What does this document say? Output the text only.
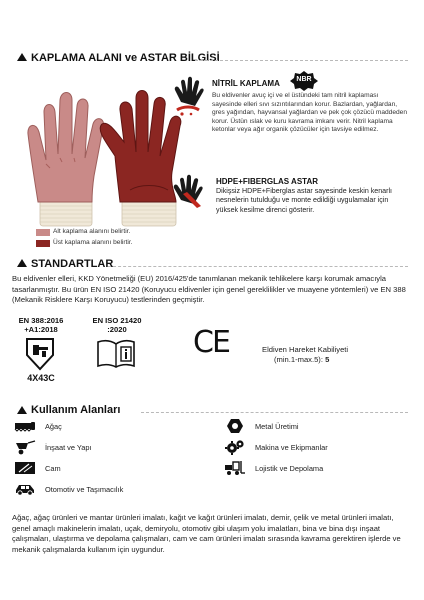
KAPLAMA ALANI ve ASTAR BİLGİSİ
Alt kaplama alanını belirtir.
Üst kaplama alanını belirtir.
NİTRİL KAPLAMA	NBR
Bu eldivenler avuç içi ve el üstündeki tam nitril kaplaması sayesinde elleri sıvı sızıntılarından korur. Bazlardan, yağlardan, gres yağından, hayvansal yağlardan ve pek çok çözücü maddeden korur. Üstün ıslak ve kuru kavrama imkanı verir. Nitril kaplama ketonlar veya ağır organik çözücüler için tavsiye edilmez.
HDPE+FIBERGLAS ASTAR
Dikişsiz HDPE+Fiberglas astar sayesinde keskin kenarlı nesnelerin tutulduğu ve monte edildiği uygulamalar için yüksek kesilme direnci gösterir.
STANDARTLAR
Bu eldivenler elleri, KKD Yönetmeliği (EU) 2016/425'de tanımlanan mekanik tehlikelere karşı korumak amacıyla tasarlanmıştır. Bu ürün EN ISO 21420 (Koruyucu eldivenler için genel gereklilikler ve muayene yöntemleri) ve EN 388 (Mekanik Risklere Karşı Koruyucu) testlerinden geçmiştir.
EN 388:2016
+A1:2018
4X43C
EN ISO 21420
:2020	CE	Eldiven Hareket Kabiliyeti
(min.1-max.5): 5
Kullanım Alanları
Ağaç
İnşaat ve Yapı
Cam
Otomotiv ve Taşımacılık
Metal Üretimi
Makina ve Ekipmanlar
Lojistik ve Depolama
Ağaç, ağaç ürünleri ve mantar ürünleri imalatı, kağıt ve kağıt ürünleri imalatı, demir, çelik ve metal ürünleri imalatı, genel amaçlı makinelerin imalatı, uçak, demiryolu, otomotiv gibi ulaşım yolu imalatları, bina ve bina dışı inşaat çalışmaları, ulaştırma ve depolama çalışmaları, cam ve cam ürünleri imalatı sırasında kavrama gerektiren işlerde ve mekanik çalışmalarda kullanım için uygundur.
